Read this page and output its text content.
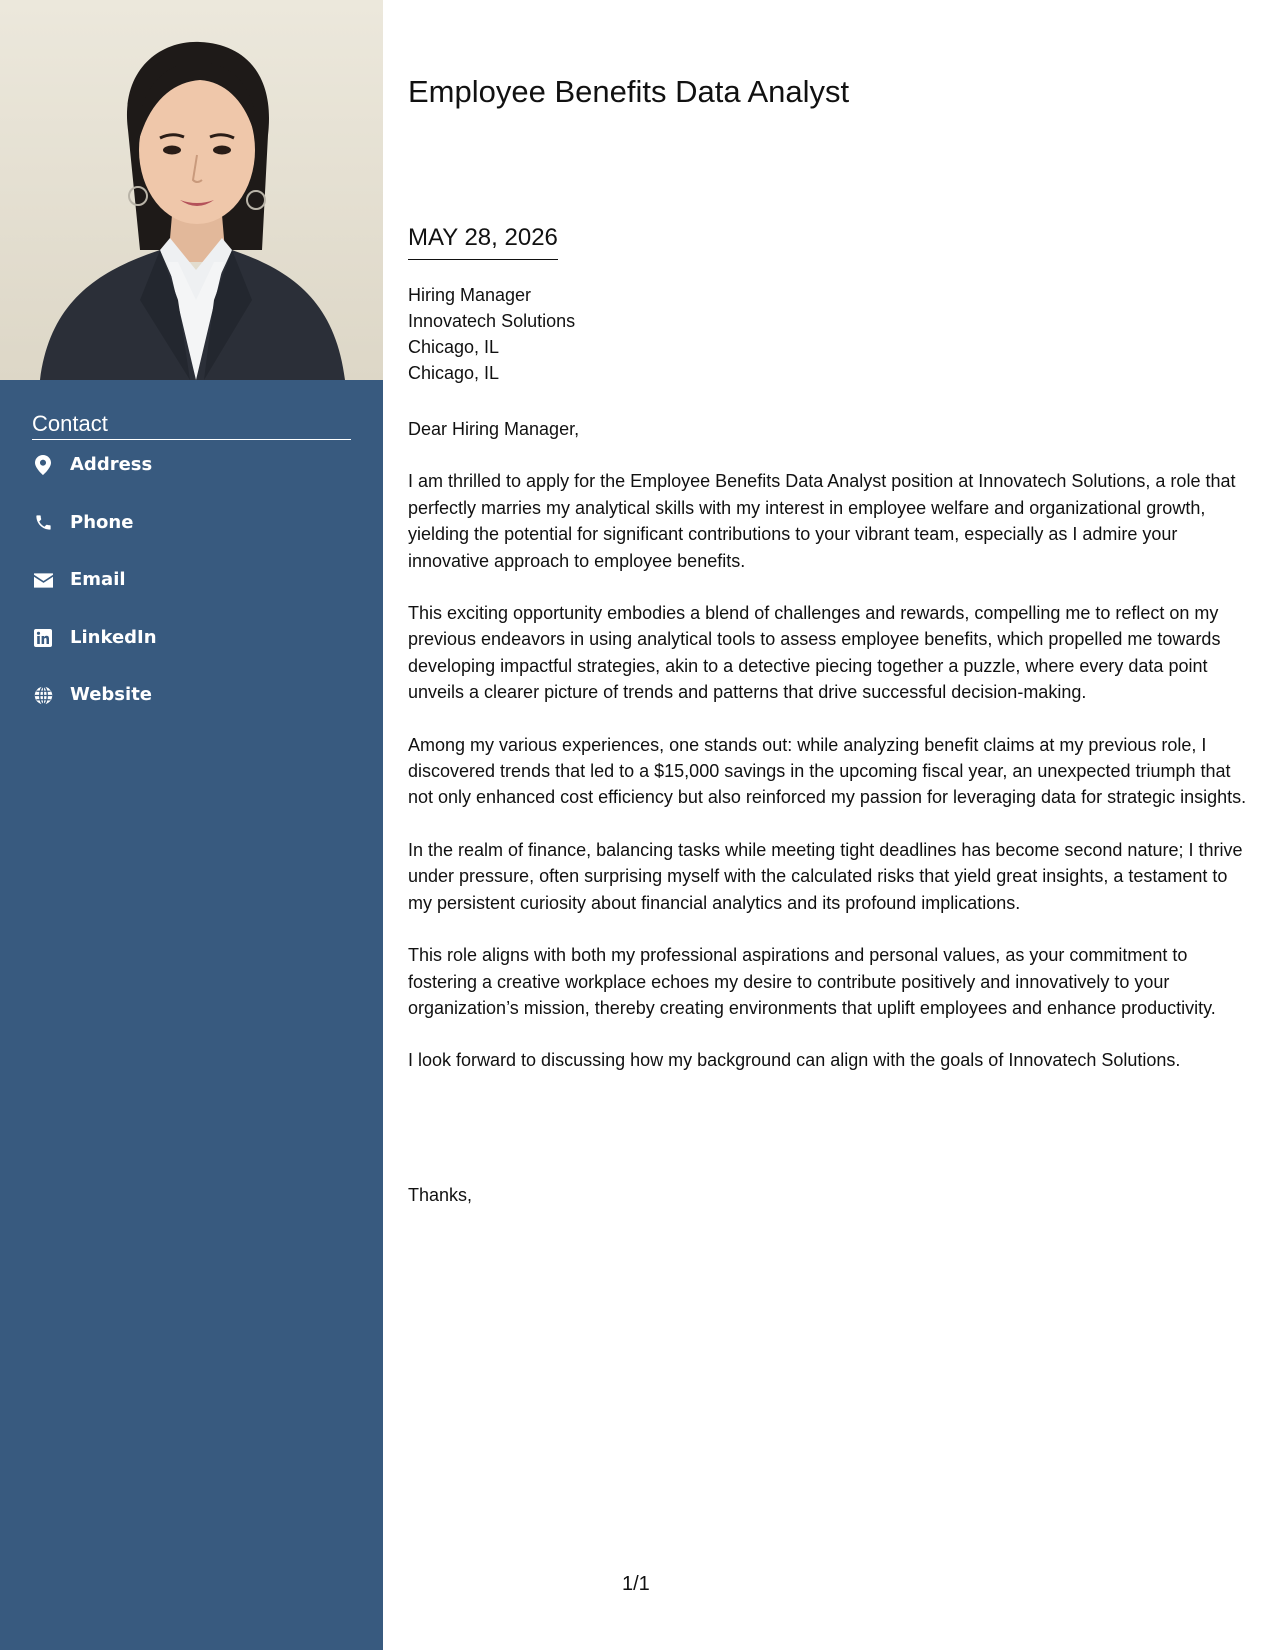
Contact
Address
Phone
Email
LinkedIn
Website
Employee Benefits Data Analyst
MAY 28, 2026
Hiring Manager
Innovatech Solutions
Chicago, IL
Chicago, IL

Dear Hiring Manager,

I am thrilled to apply for the Employee Benefits Data Analyst position at Innovatech Solutions, a role that perfectly marries my analytical skills with my interest in employee welfare and organizational growth, yielding the potential for significant contributions to your vibrant team, especially as I admire your innovative approach to employee benefits.

This exciting opportunity embodies a blend of challenges and rewards, compelling me to reflect on my previous endeavors in using analytical tools to assess employee benefits, which propelled me towards developing impactful strategies, akin to a detective piecing together a puzzle, where every data point unveils a clearer picture of trends and patterns that drive successful decision-making.

Among my various experiences, one stands out: while analyzing benefit claims at my previous role, I discovered trends that led to a $15,000 savings in the upcoming fiscal year, an unexpected triumph that not only enhanced cost efficiency but also reinforced my passion for leveraging data for strategic insights.

In the realm of finance, balancing tasks while meeting tight deadlines has become second nature; I thrive under pressure, often surprising myself with the calculated risks that yield great insights, a testament to my persistent curiosity about financial analytics and its profound implications.

This role aligns with both my professional aspirations and personal values, as your commitment to fostering a creative workplace echoes my desire to contribute positively and innovatively to your organization’s mission, thereby creating environments that uplift employees and enhance productivity.

I look forward to discussing how my background can align with the goals of Innovatech Solutions.

Thanks,
1/1
